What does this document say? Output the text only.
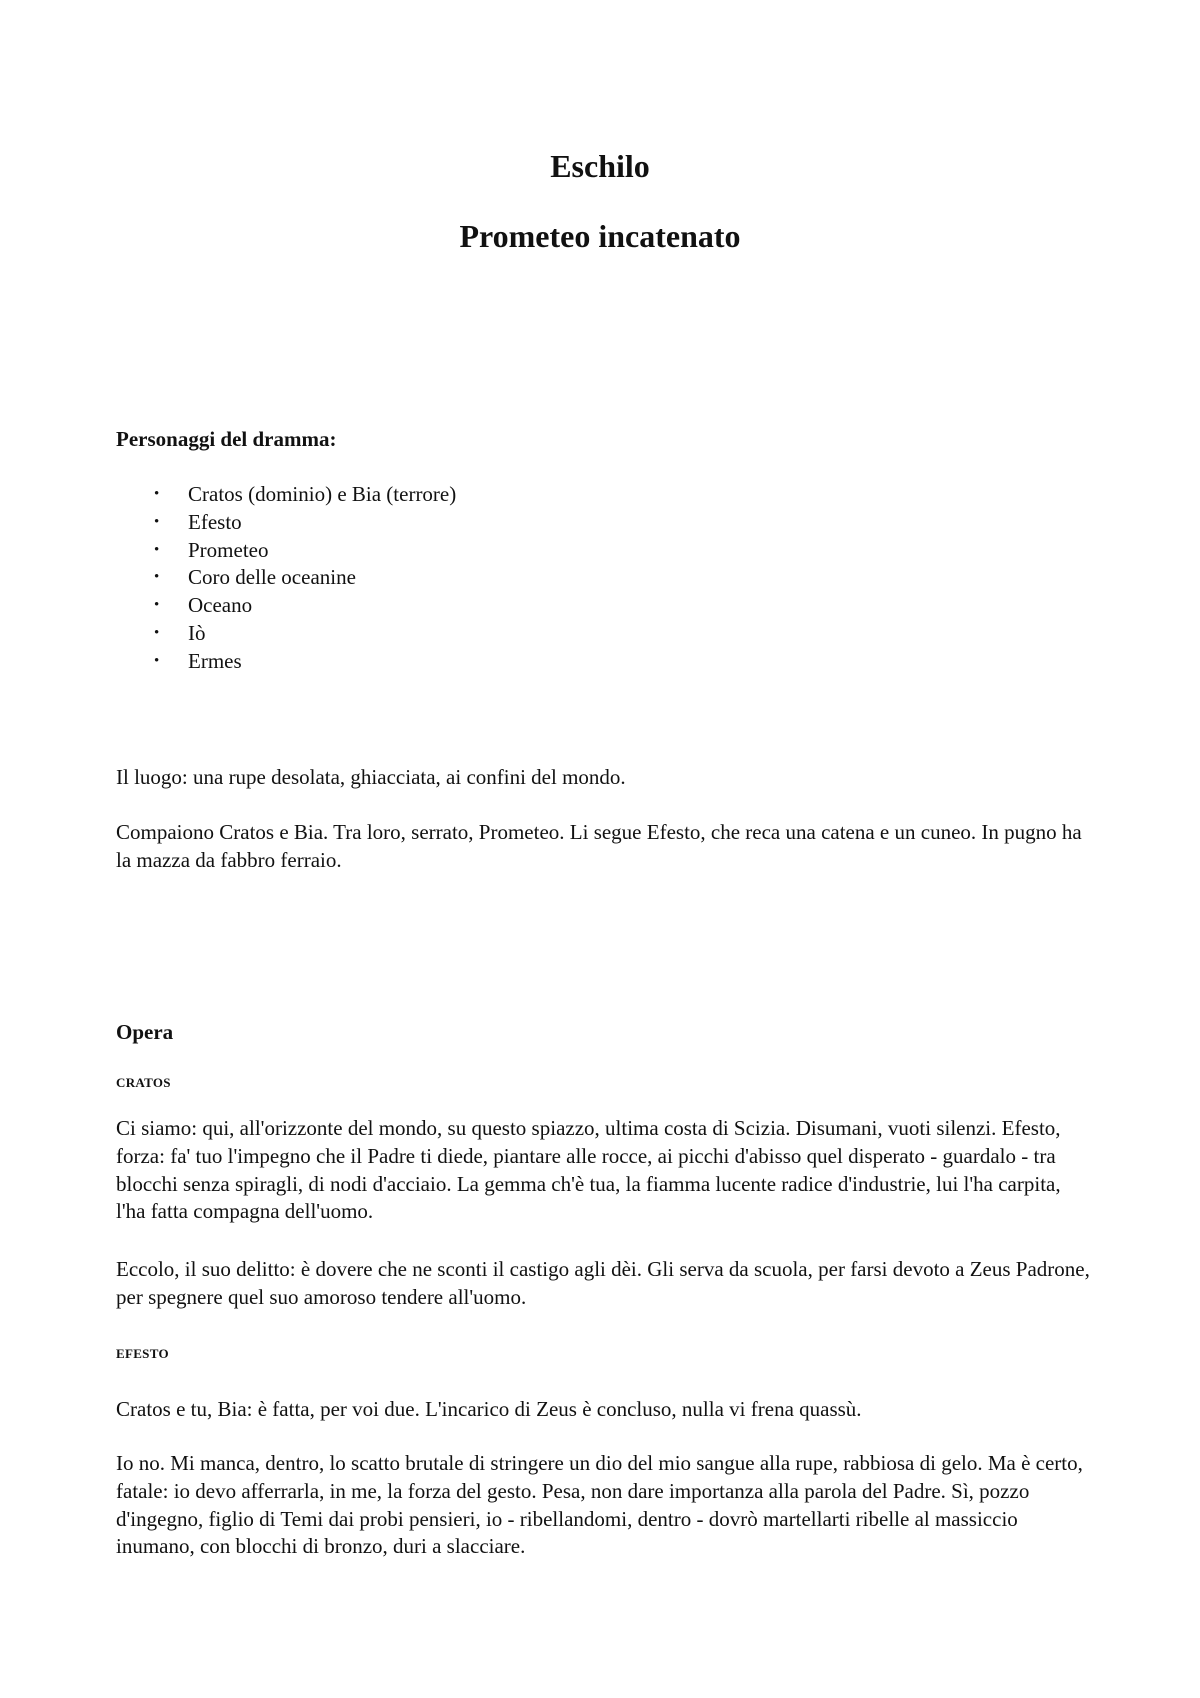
Eschilo
Prometeo incatenato

Personaggi del dramma:

• Cratos (dominio) e Bia (terrore)
• Efesto
• Prometeo
• Coro delle oceanine
• Oceano
• Iò
• Ermes

Il luogo: una rupe desolata, ghiacciata, ai confini del mondo.

Compaiono Cratos e Bia. Tra loro, serrato, Prometeo. Li segue Efesto, che reca una catena e un cuneo. In pugno ha la mazza da fabbro ferraio.

Opera

CRATOS

Ci siamo: qui, all'orizzonte del mondo, su questo spiazzo, ultima costa di Scizia. Disumani, vuoti silenzi. Efesto, forza: fa' tuo l'impegno che il Padre ti diede, piantare alle rocce, ai picchi d'abisso quel disperato - guardalo - tra blocchi senza spiragli, di nodi d'acciaio. La gemma ch'è tua, la fiamma lucente radice d'industrie, lui l'ha carpita, l'ha fatta compagna dell'uomo.

Eccolo, il suo delitto: è dovere che ne sconti il castigo agli dèi. Gli serva da scuola, per farsi devoto a Zeus Padrone, per spegnere quel suo amoroso tendere all'uomo.

EFESTO

Cratos e tu, Bia: è fatta, per voi due. L'incarico di Zeus è concluso, nulla vi frena quassù.

Io no. Mi manca, dentro, lo scatto brutale di stringere un dio del mio sangue alla rupe, rabbiosa di gelo. Ma è certo, fatale: io devo afferrarla, in me, la forza del gesto. Pesa, non dare importanza alla parola del Padre. Sì, pozzo d'ingegno, figlio di Temi dai probi pensieri, io - ribellandomi, dentro - dovrò martellarti ribelle al massiccio inumano, con blocchi di bronzo, duri a slacciare.
